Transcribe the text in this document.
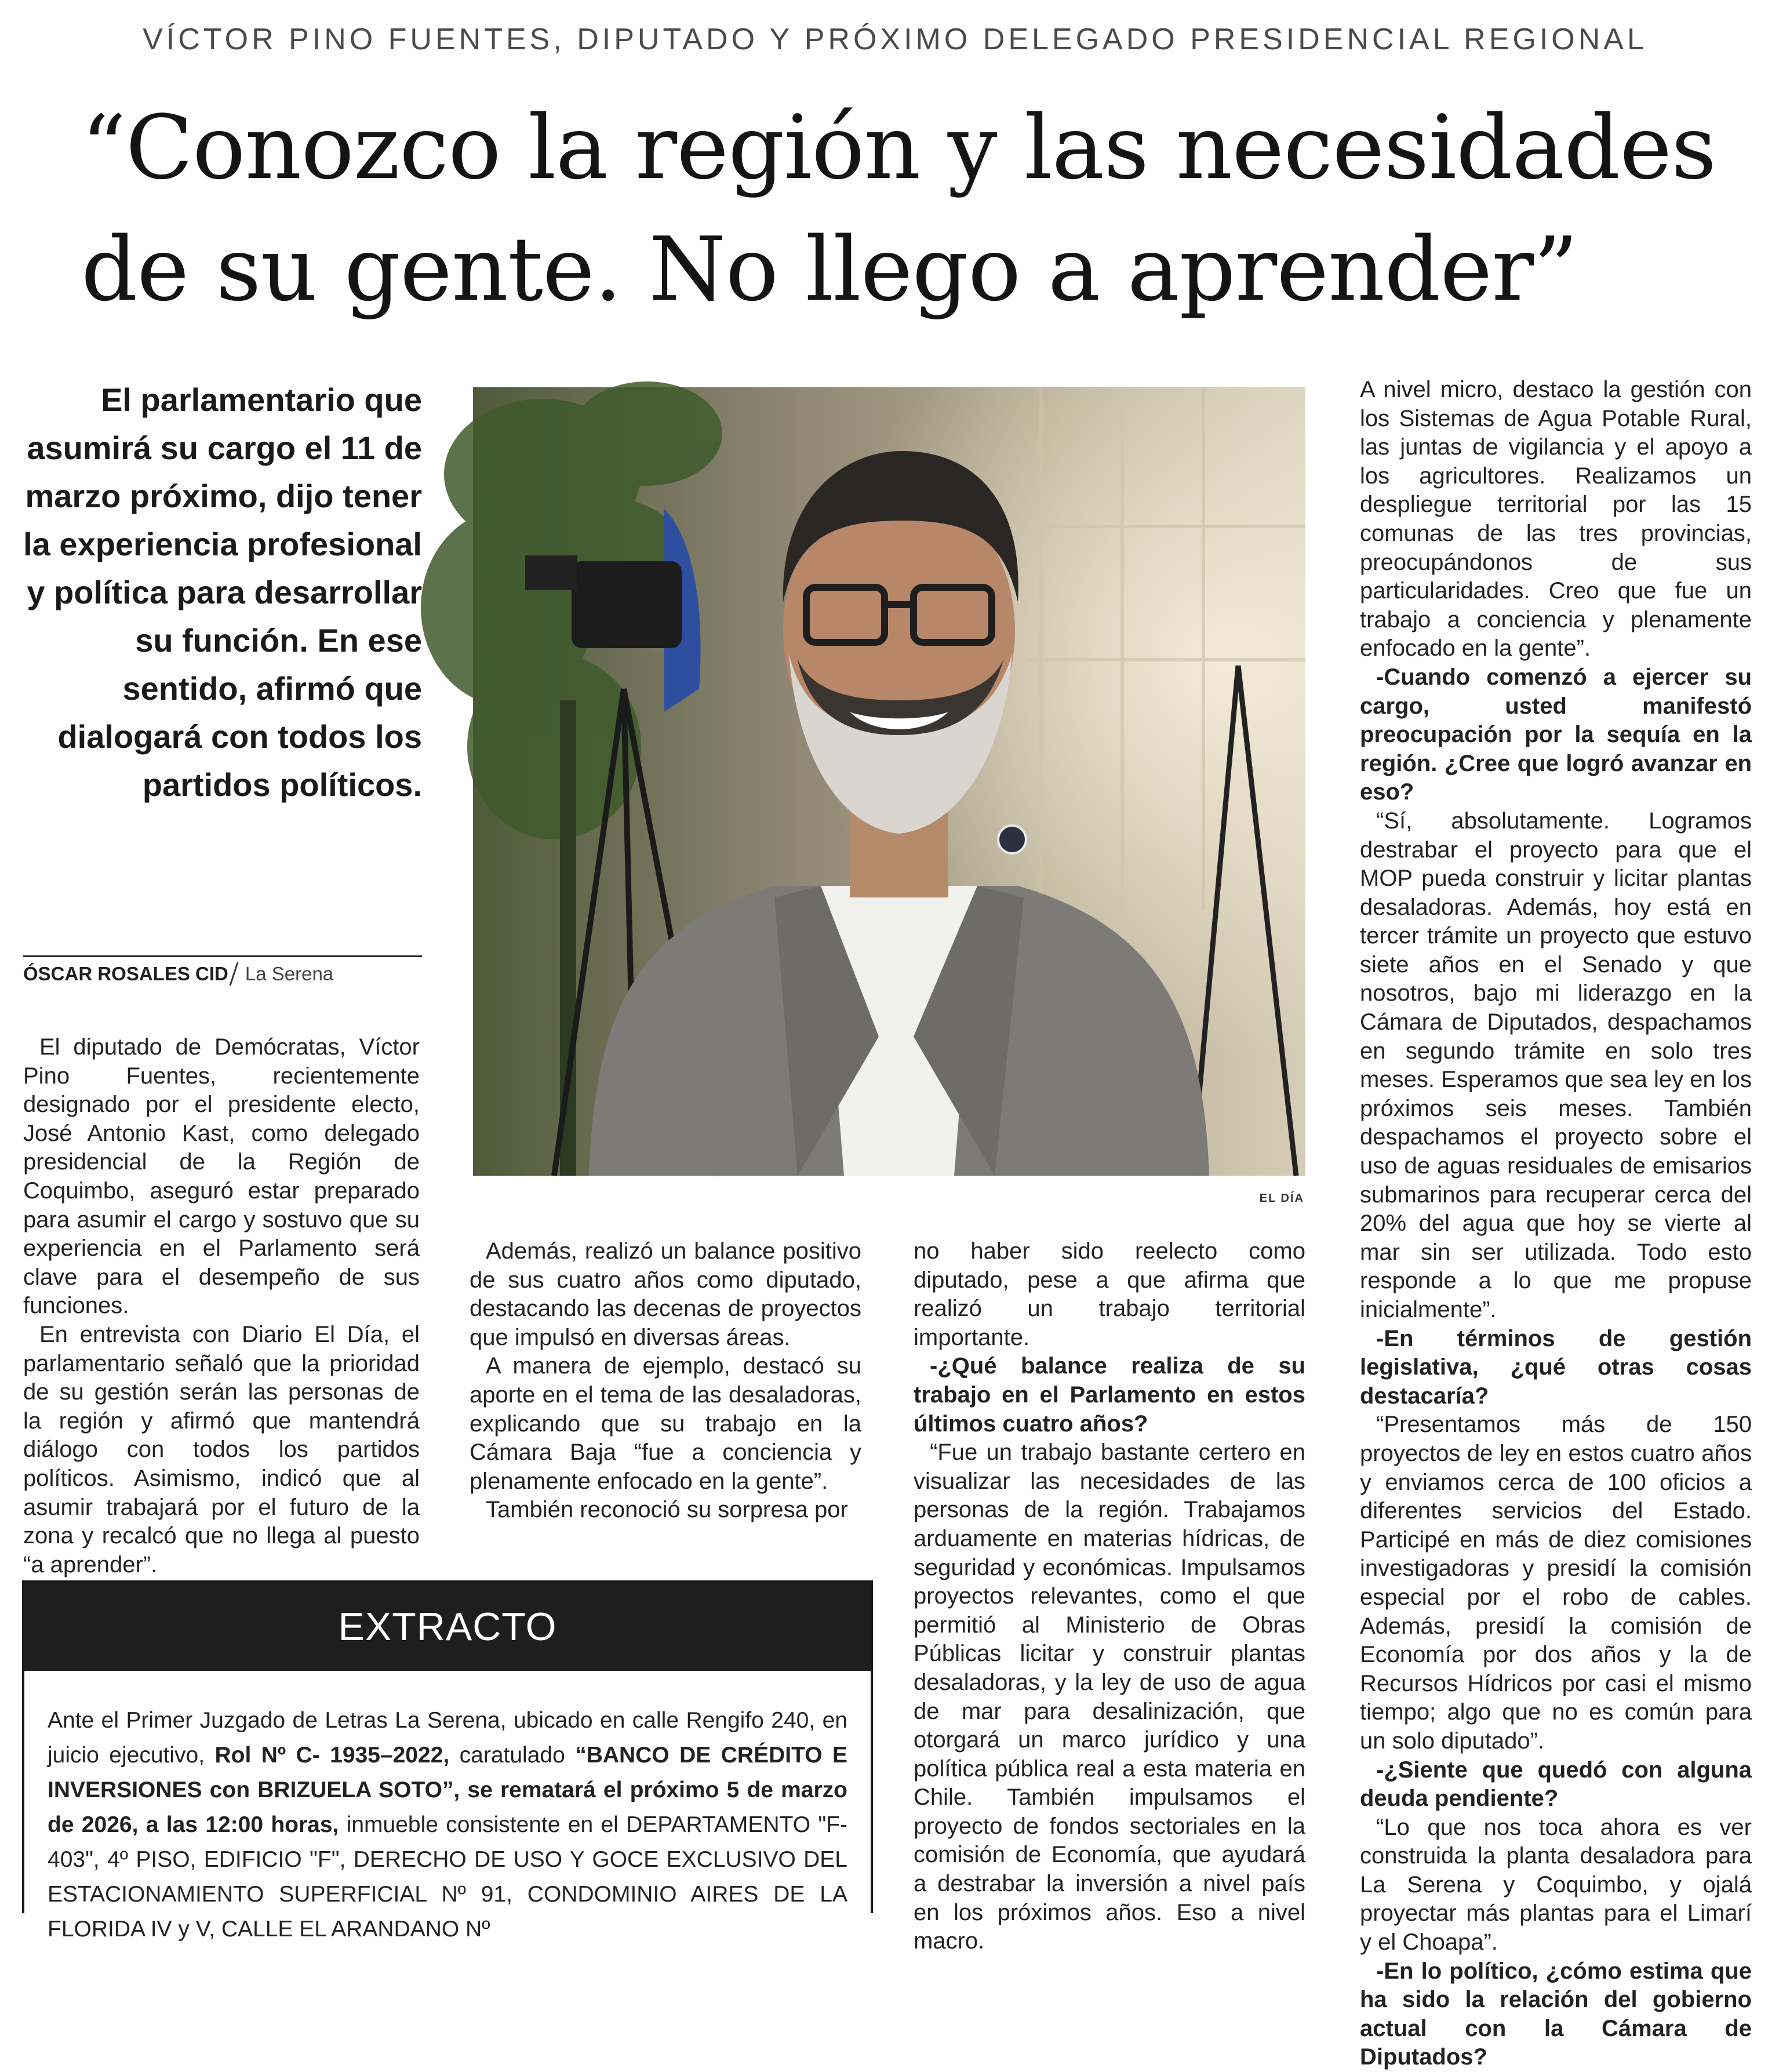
VÍCTOR PINO FUENTES, DIPUTADO Y PRÓXIMO DELEGADO PRESIDENCIAL REGIONAL
“Conozco la región y las necesidades
de su gente. No llego a aprender”
El parlamentario que asumirá su cargo el 11 de marzo próximo, dijo tener la experiencia profesional y política para desarrollar su función. En ese sentido, afirmó que dialogará con todos los partidos políticos.
ÓSCAR ROSALES CID La Serena

El diputado de Demócratas, Víctor Pino Fuentes, recientemente designado por el presidente electo, José Antonio Kast, como delegado presidencial de la Región de Coquimbo, aseguró estar preparado para asumir el cargo y sostuvo que su experiencia en el Parlamento será clave para el desempeño de sus funciones.

En entrevista con Diario El Día, el parlamentario señaló que la prioridad de su gestión serán las personas de la región y afirmó que mantendrá diálogo con todos los partidos políticos. Asimismo, indicó que al asumir trabajará por el futuro de la zona y recalcó que no llega al puesto “a aprender”.

EL DÍA

Además, realizó un balance positivo de sus cuatro años como diputado, destacando las decenas de proyectos que impulsó en diversas áreas.

A manera de ejemplo, destacó su aporte en el tema de las desaladoras, explicando que su trabajo en la Cámara Baja “fue a conciencia y plenamente enfocado en la gente”.

También reconoció su sorpresa por

no haber sido reelecto como diputado, pese a que afirma que realizó un trabajo territorial importante.

-¿Qué balance realiza de su trabajo en el Parlamento en estos últimos cuatro años?

“Fue un trabajo bastante certero en visualizar las necesidades de las personas de la región. Trabajamos arduamente en materias hídricas, de seguridad y económicas. Impulsamos proyectos relevantes, como el que permitió al Ministerio de Obras Públicas licitar y construir plantas desaladoras, y la ley de uso de agua de mar para desalinización, que otorgará un marco jurídico y una política pública real a esta materia en Chile. También impulsamos el proyecto de fondos sectoriales en la comisión de Economía, que ayudará a destrabar la inversión a nivel país en los próximos años. Eso a nivel macro.

A nivel micro, destaco la gestión con los Sistemas de Agua Potable Rural, las juntas de vigilancia y el apoyo a los agricultores. Realizamos un despliegue territorial por las 15 comunas de las tres provincias, preocupándonos de sus particularidades. Creo que fue un trabajo a conciencia y plenamente enfocado en la gente”.

-Cuando comenzó a ejercer su cargo, usted manifestó preocupación por la sequía en la región. ¿Cree que logró avanzar en eso?

“Sí, absolutamente. Logramos destrabar el proyecto para que el MOP pueda construir y licitar plantas desaladoras. Además, hoy está en tercer trámite un proyecto que estuvo siete años en el Senado y que nosotros, bajo mi liderazgo en la Cámara de Diputados, despachamos en segundo trámite en solo tres meses. Esperamos que sea ley en los próximos seis meses. También despachamos el proyecto sobre el uso de aguas residuales de emisarios submarinos para recuperar cerca del 20% del agua que hoy se vierte al mar sin ser utilizada. Todo esto responde a lo que me propuse inicialmente”.

-En términos de gestión legislativa, ¿qué otras cosas destacaría?

“Presentamos más de 150 proyectos de ley en estos cuatro años y enviamos cerca de 100 oficios a diferentes servicios del Estado. Participé en más de diez comisiones investigadoras y presidí la comisión especial por el robo de cables. Además, presidí la comisión de Economía por dos años y la de Recursos Hídricos por casi el mismo tiempo; algo que no es común para un solo diputado”.

-¿Siente que quedó con alguna deuda pendiente?

“Lo que nos toca ahora es ver construida la planta desaladora para La Serena y Coquimbo, y ojalá proyectar más plantas para el Limarí y el Choapa”.

-En lo político, ¿cómo estima que ha sido la relación del gobierno actual con la Cámara de Diputados?

EXTRACTO
Ante el Primer Juzgado de Letras La Serena, ubicado en calle Rengifo 240, en juicio ejecutivo, Rol Nº C- 1935–2022, caratulado “BANCO DE CRÉDITO E INVERSIONES con BRIZUELA SOTO”, se rematará el próximo 5 de marzo de 2026, a las 12:00 horas, inmueble consistente en el DEPARTAMENTO "F-403", 4º PISO, EDIFICIO "F", DERECHO DE USO Y GOCE EXCLUSIVO DEL ESTACIONAMIENTO SUPERFICIAL Nº 91, CONDOMINIO AIRES DE LA FLORIDA IV y V, CALLE EL ARANDANO Nº
